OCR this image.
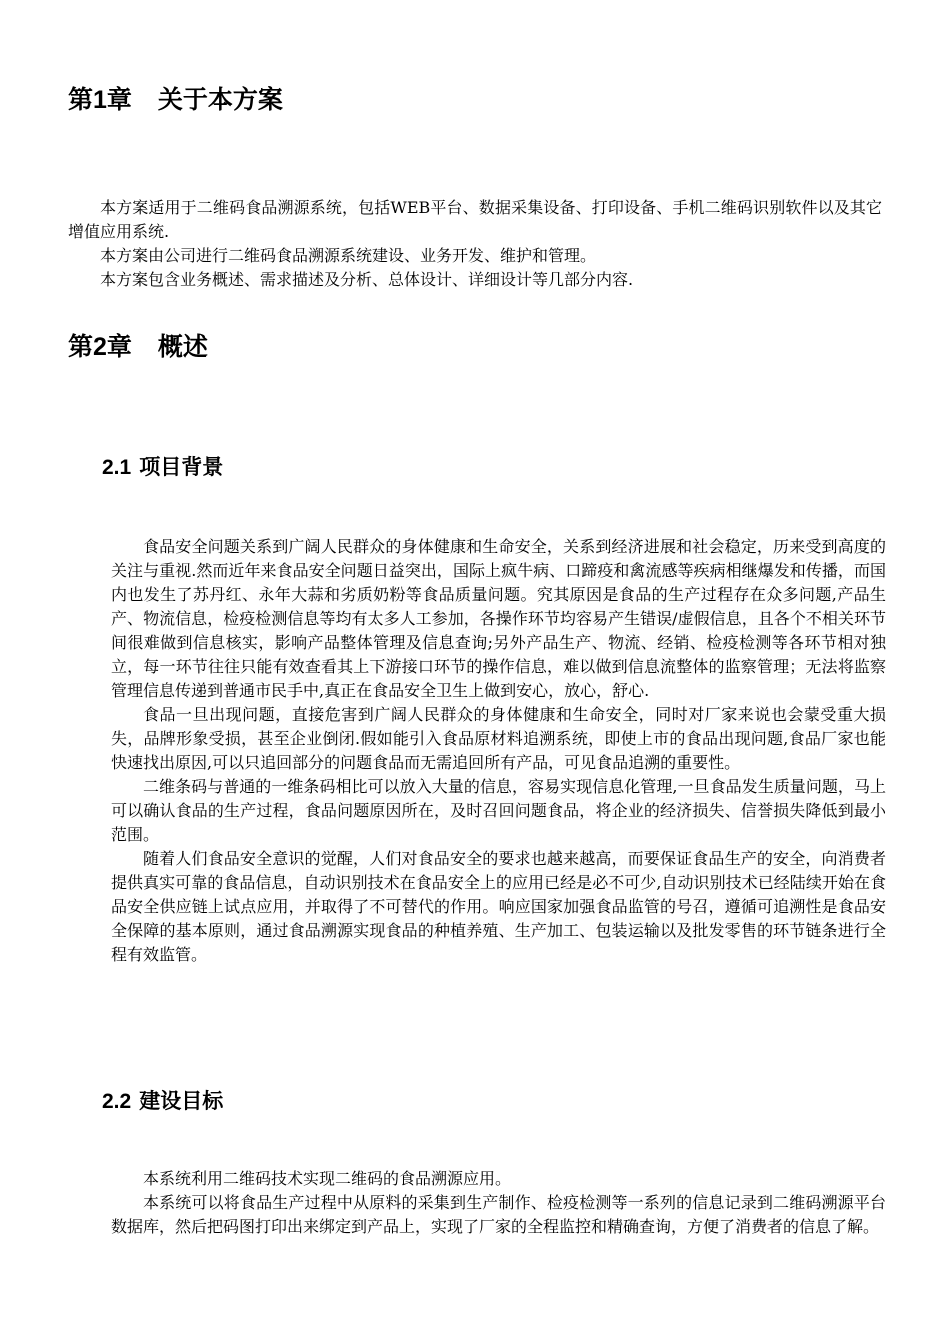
第1章 关于本方案

本方案适用于二维码食品溯源系统，包括WEB平台、数据采集设备、打印设备、手机二维码识别软件以及其它增值应用系统.

本方案由公司进行二维码食品溯源系统建设、业务开发、维护和管理。

本方案包含业务概述、需求描述及分析、总体设计、详细设计等几部分内容.

第2章 概述
2.1 项目背景

食品安全问题关系到广阔人民群众的身体健康和生命安全，关系到经济进展和社会稳定，历来受到高度的关注与重视.然而近年来食品安全问题日益突出，国际上疯牛病、口蹄疫和禽流感等疾病相继爆发和传播，而国内也发生了苏丹红、永年大蒜和劣质奶粉等食品质量问题。究其原因是食品的生产过程存在众多问题,产品生产、物流信息，检疫检测信息等均有太多人工参加，各操作环节均容易产生错误/虚假信息，且各个不相关环节间很难做到信息核实，影响产品整体管理及信息查询;另外产品生产、物流、经销、检疫检测等各环节相对独立，每一环节往往只能有效查看其上下游接口环节的操作信息，难以做到信息流整体的监察管理；无法将监察管理信息传递到普通市民手中,真正在食品安全卫生上做到安心，放心，舒心.

食品一旦出现问题，直接危害到广阔人民群众的身体健康和生命安全，同时对厂家来说也会蒙受重大损失，品牌形象受损，甚至企业倒闭.假如能引入食品原材料追溯系统，即使上市的食品出现问题,食品厂家也能快速找出原因,可以只追回部分的问题食品而无需追回所有产品，可见食品追溯的重要性。

二维条码与普通的一维条码相比可以放入大量的信息，容易实现信息化管理,一旦食品发生质量问题，马上可以确认食品的生产过程，食品问题原因所在，及时召回问题食品，将企业的经济损失、信誉损失降低到最小范围。

随着人们食品安全意识的觉醒，人们对食品安全的要求也越来越高，而要保证食品生产的安全，向消费者提供真实可靠的食品信息，自动识别技术在食品安全上的应用已经是必不可少,自动识别技术已经陆续开始在食品安全供应链上试点应用，并取得了不可替代的作用。响应国家加强食品监管的号召，遵循可追溯性是食品安全保障的基本原则，通过食品溯源实现食品的种植养殖、生产加工、包装运输以及批发零售的环节链条进行全程有效监管。

2.2 建设目标

本系统利用二维码技术实现二维码的食品溯源应用。

本系统可以将食品生产过程中从原料的采集到生产制作、检疫检测等一系列的信息记录到二维码溯源平台数据库，然后把码图打印出来绑定到产品上，实现了厂家的全程监控和精确查询，方便了消费者的信息了解。
